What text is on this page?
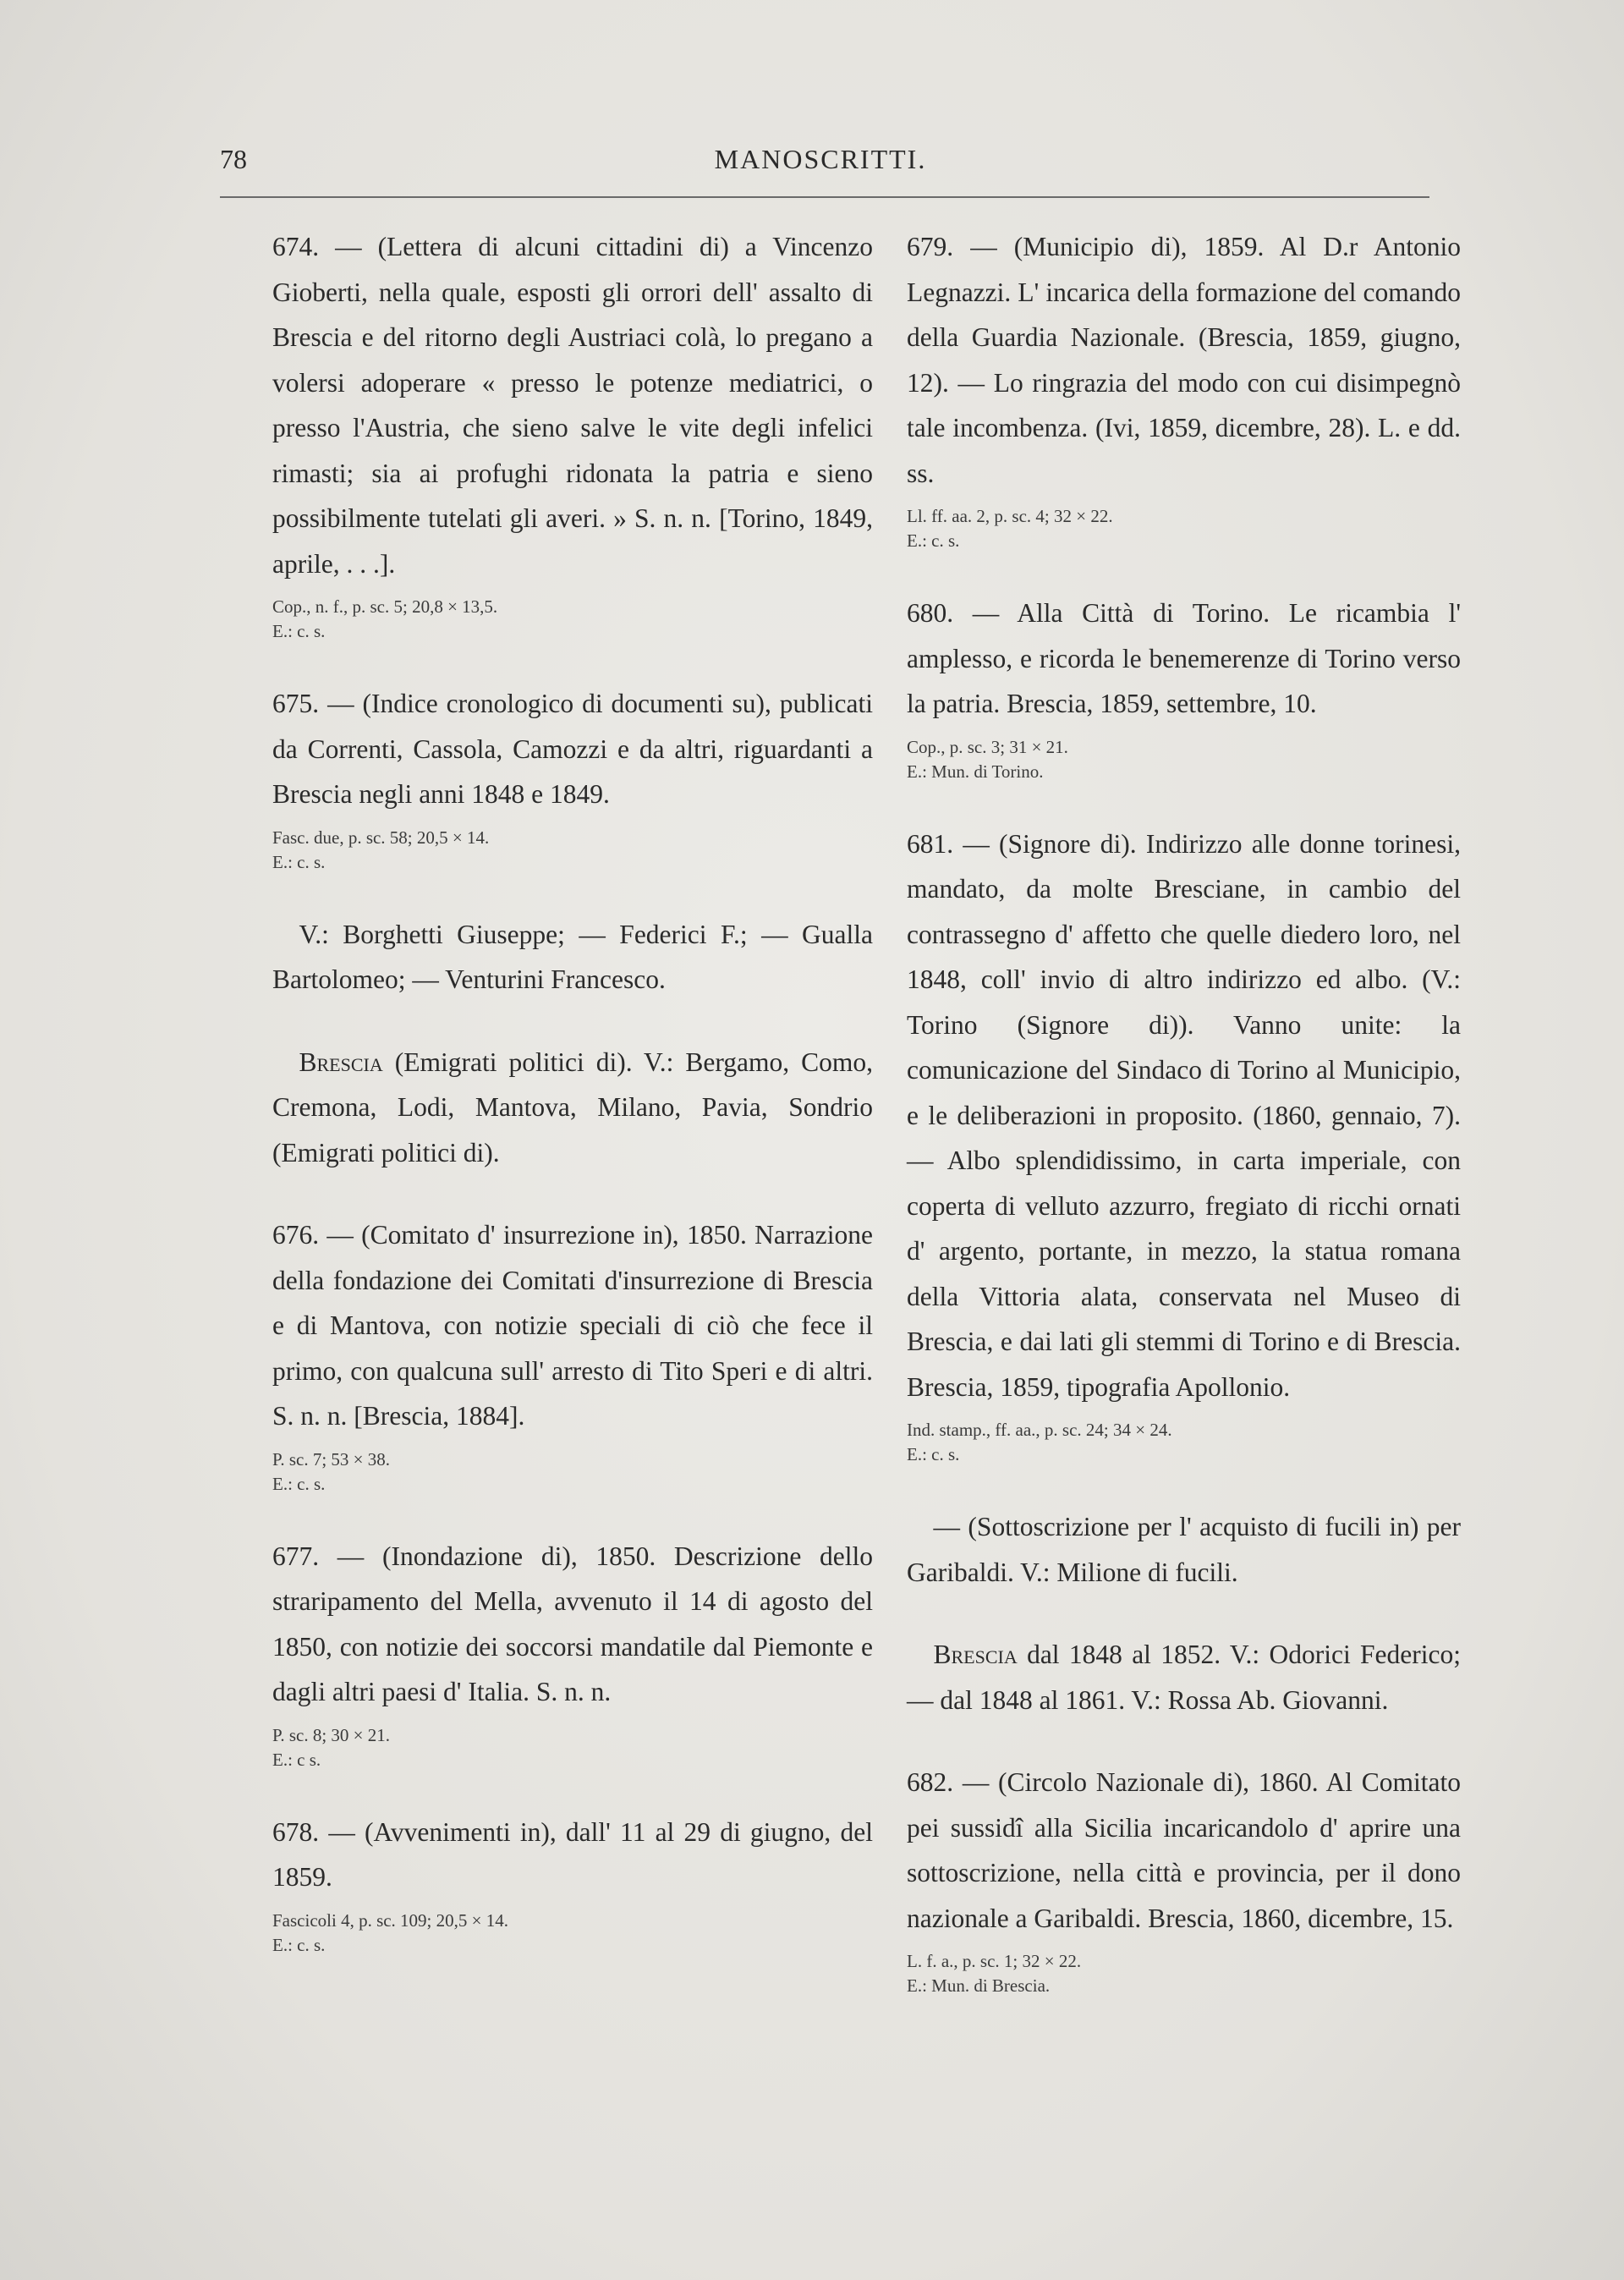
78	MANOSCRITTI.

674. — (Lettera di alcuni cittadini di) a Vincenzo Gioberti, nella quale, esposti gli orrori dell' assalto di Brescia e del ritorno degli Austriaci colà, lo pregano a volersi adoperare « presso le potenze mediatrici, o presso l'Austria, che sieno salve le vite degli infelici rimasti; sia ai profughi ridonata la patria e sieno possibilmente tutelati gli averi. » S. n. n. [Torino, 1849, aprile, . . .].

Cop., n. f., p. sc. 5; 20,8 × 13,5.
E.: c. s.

675. — (Indice cronologico di documenti su), publicati da Correnti, Cassola, Camozzi e da altri, riguardanti a Brescia negli anni 1848 e 1849.

Fasc. due, p. sc. 58; 20,5 × 14.
E.: c. s.

V.: Borghetti Giuseppe; — Federici F.; — Gualla Bartolomeo; — Venturini Francesco.

Brescia (Emigrati politici di). V.: Bergamo, Como, Cremona, Lodi, Mantova, Milano, Pavia, Sondrio (Emigrati politici di).

676. — (Comitato d' insurrezione in), 1850. Narrazione della fondazione dei Comitati d'insurrezione di Brescia e di Mantova, con notizie speciali di ciò che fece il primo, con qualcuna sull' arresto di Tito Speri e di altri. S. n. n. [Brescia, 1884].

P. sc. 7; 53 × 38.
E.: c. s.

677. — (Inondazione di), 1850. Descrizione dello straripamento del Mella, avvenuto il 14 di agosto del 1850, con notizie dei soccorsi mandatile dal Piemonte e dagli altri paesi d' Italia. S. n. n.

P. sc. 8; 30 × 21.
E.: c s.

678. — (Avvenimenti in), dall' 11 al 29 di giugno, del 1859.

Fascicoli 4, p. sc. 109; 20,5 × 14.
E.: c. s.

679. — (Municipio di), 1859. Al D.r Antonio Legnazzi. L' incarica della formazione del comando della Guardia Nazionale. (Brescia, 1859, giugno, 12). — Lo ringrazia del modo con cui disimpegnò tale incombenza. (Ivi, 1859, dicembre, 28). L. e dd. ss.

Ll. ff. aa. 2, p. sc. 4; 32 × 22.
E.: c. s.

680. — Alla Città di Torino. Le ricambia l' amplesso, e ricorda le benemerenze di Torino verso la patria. Brescia, 1859, settembre, 10.

Cop., p. sc. 3; 31 × 21.
E.: Mun. di Torino.

681. — (Signore di). Indirizzo alle donne torinesi, mandato, da molte Bresciane, in cambio del contrassegno d' affetto che quelle diedero loro, nel 1848, coll' invio di altro indirizzo ed albo. (V.: Torino (Signore di)). Vanno unite: la comunicazione del Sindaco di Torino al Municipio, e le deliberazioni in proposito. (1860, gennaio, 7). — Albo splendidissimo, in carta imperiale, con coperta di velluto azzurro, fregiato di ricchi ornati d' argento, portante, in mezzo, la statua romana della Vittoria alata, conservata nel Museo di Brescia, e dai lati gli stemmi di Torino e di Brescia. Brescia, 1859, tipografia Apollonio.

Ind. stamp., ff. aa., p. sc. 24; 34 × 24.
E.: c. s.

— (Sottoscrizione per l' acquisto di fucili in) per Garibaldi. V.: Milione di fucili.

Brescia dal 1848 al 1852. V.: Odorici Federico; — dal 1848 al 1861. V.: Rossa Ab. Giovanni.

682. — (Circolo Nazionale di), 1860. Al Comitato pei sussidî alla Sicilia incaricandolo d' aprire una sottoscrizione, nella città e provincia, per il dono nazionale a Garibaldi. Brescia, 1860, dicembre, 15.

L. f. a., p. sc. 1; 32 × 22.
E.: Mun. di Brescia.
